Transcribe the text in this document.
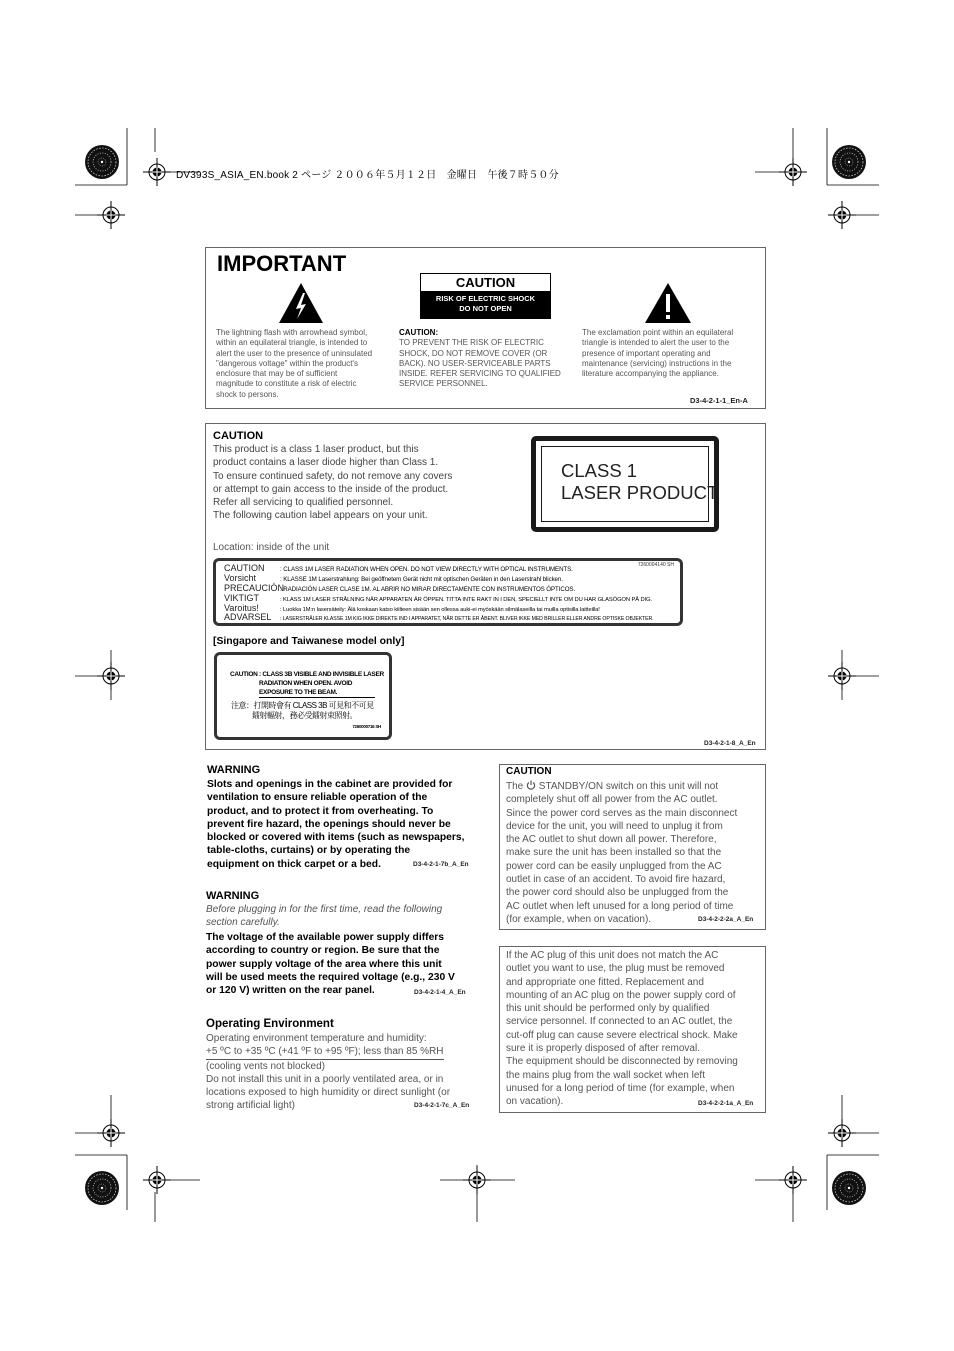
DV393S_ASIA_EN.book 2 ページ ２００６年５月１２日　金曜日　午後７時５０分
IMPORTANT
CAUTION
RISK OF ELECTRIC SHOCK
DO NOT OPEN
The lightning flash with arrowhead symbol,
within an equilateral triangle, is intended to
alert the user to the presence of uninsulated
"dangerous voltage" within the product's
enclosure that may be of sufficient
magnitude to constitute a risk of electric
shock to persons.
CAUTION:
TO PREVENT THE RISK OF ELECTRIC
SHOCK, DO NOT REMOVE COVER (OR
BACK). NO USER-SERVICEABLE PARTS
INSIDE. REFER SERVICING TO QUALIFIED
SERVICE PERSONNEL.
The exclamation point within an equilateral
triangle is intended to alert the user to the
presence of important operating and
maintenance (servicing) instructions in the
literature accompanying the appliance.
D3-4-2-1-1_En-A
CAUTION
This product is a class 1 laser product, but this
product contains a laser diode higher than Class 1.
To ensure continued safety, do not remove any covers
or attempt to gain access to the inside of the product.
Refer all servicing to qualified personnel.
The following caution label appears on your unit.
CLASS 1
LASER PRODUCT
Location: inside of the unit
7260004140 SH
CAUTION	: CLASS 1M LASER RADIATION WHEN OPEN. DO NOT VIEW DIRECTLY WITH OPTICAL INSTRUMENTS.
Vorsicht	: KLASSE 1M Laserstrahlung: Bei geöffnetem Gerät nicht mit optischen Geräten in den Laserstrahl blicken.
PRECAUCIÓN: RADIACIÓN LASER CLASE 1M. AL ABRIR NO MIRAR DIRECTAMENTE CON INSTRUMENTOS ÓPTICOS.
VIKTIGT	: KLASS 1M LASER STRÅLNING NÄR APPARATEN ÄR ÖPPEN. TITTA INTE RAKT IN I DEN, SPECIELLT INTE OM DU HAR GLASÖGON PÅ DIG.
Varoitus!	: Luokka 1M:n lasersäteily: Älä koskaan katso kiilteen sisään sen ollessa auki-ei myöskään silmälaseilla tai muilla optisilla laitteilla!
ADVARSEL : LASERSTRÅLER KLASSE 1M KIG IKKE DIREKTE IND I APPARATET, NÅR DETTE ER ÅBENT. BLIVER IKKE MED BRILLER ELLER ANDRE OPTISKE OBJEKTER.
[Singapore and Taiwanese model only]
CAUTION : CLASS 3B VISIBLE AND INVISIBLE LASER
RADIATION WHEN OPEN. AVOID
EXPOSURE TO THE BEAM.
注意：打開時會有 CLASS 3B 可見和不可見
鐳射輻射，務必受鐳射束照射。
7260000716 SH
D3-4-2-1-8_A_En
WARNING
Slots and openings in the cabinet are provided for
ventilation to ensure reliable operation of the
product, and to protect it from overheating. To
prevent fire hazard, the openings should never be
blocked or covered with items (such as newspapers,
table-cloths, curtains) or by operating the
equipment on thick carpet or a bed.	D3-4-2-1-7b_A_En
WARNING
Before plugging in for the first time, read the following
section carefully.
The voltage of the available power supply differs
according to country or region. Be sure that the
power supply voltage of the area where this unit
will be used meets the required voltage (e.g., 230 V
or 120 V) written on the rear panel.	D3-4-2-1-4_A_En
Operating Environment
Operating environment temperature and humidity:
+5 ºC to +35 ºC (+41 ºF to +95 ºF); less than 85 %RH
(cooling vents not blocked)
Do not install this unit in a poorly ventilated area, or in
locations exposed to high humidity or direct sunlight (or
strong artificial light)	D3-4-2-1-7c_A_En
CAUTION
The STANDBY/ON switch on this unit will not
completely shut off all power from the AC outlet.
Since the power cord serves as the main disconnect
device for the unit, you will need to unplug it from
the AC outlet to shut down all power. Therefore,
make sure the unit has been installed so that the
power cord can be easily unplugged from the AC
outlet in case of an accident. To avoid fire hazard,
the power cord should also be unplugged from the
AC outlet when left unused for a long period of time
(for example, when on vacation).	D3-4-2-2-2a_A_En
If the AC plug of this unit does not match the AC
outlet you want to use, the plug must be removed
and appropriate one fitted. Replacement and
mounting of an AC plug on the power supply cord of
this unit should be performed only by qualified
service personnel. If connected to an AC outlet, the
cut-off plug can cause severe electrical shock. Make
sure it is properly disposed of after removal.
The equipment should be disconnected by removing
the mains plug from the wall socket when left
unused for a long period of time (for example, when
on vacation).	D3-4-2-2-1a_A_En
